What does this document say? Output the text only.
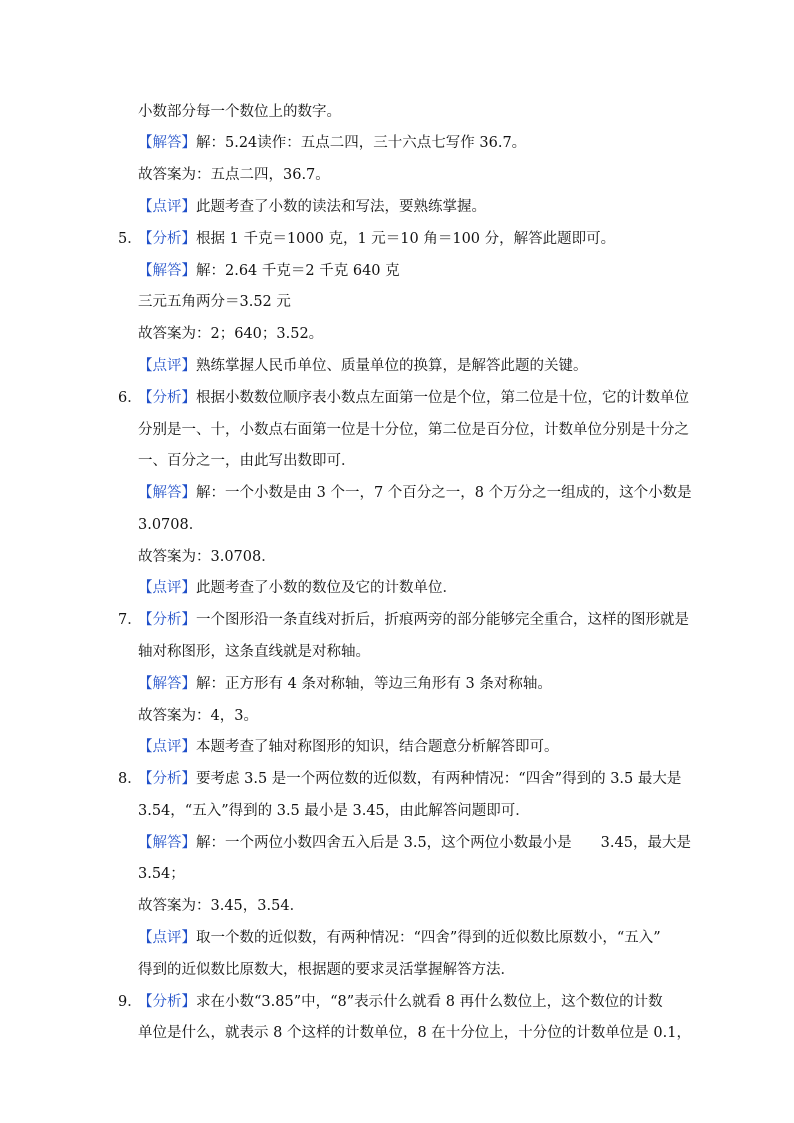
小数部分每一个数位上的数字。
【解答】解：5.24读作：五点二四，三十六点七写作 36.7。
故答案为：五点二四，36.7。
【点评】此题考查了小数的读法和写法，要熟练掌握。
5．
【分析】根据 1 千克＝1000 克，1 元＝10 角＝100 分，解答此题即可。
【解答】解：2.64 千克＝2 千克 640 克
三元五角两分＝3.52 元
故答案为：2；640；3.52。
【点评】熟练掌握人民币单位、质量单位的换算，是解答此题的关键。
6．
【分析】根据小数数位顺序表小数点左面第一位是个位，第二位是十位，它的计数单位
分别是一、十，小数点右面第一位是十分位，第二位是百分位，计数单位分别是十分之
一、百分之一，由此写出数即可．
【解答】解：一个小数是由 3 个一，7 个百分之一，8 个万分之一组成的，这个小数是
3.0708．
故答案为：3.0708．
【点评】此题考查了小数的数位及它的计数单位．
7．
【分析】一个图形沿一条直线对折后，折痕两旁的部分能够完全重合，这样的图形就是
轴对称图形，这条直线就是对称轴。
【解答】解：正方形有 4 条对称轴，等边三角形有 3 条对称轴。
故答案为：4，3。
【点评】本题考查了轴对称图形的知识，结合题意分析解答即可。
8．
【分析】要考虑 3.5 是一个两位数的近似数，有两种情况：“四舍”得到的 3.5 最大是
3.54，“五入”得到的 3.5 最小是 3.45，由此解答问题即可．
【解答】解：一个两位小数四舍五入后是 3.5，这个两位小数最小是　　3.45，最大是
3.54；
故答案为：3.45，3.54．
【点评】取一个数的近似数，有两种情况：“四舍”得到的近似数比原数小，“五入”
得到的近似数比原数大，根据题的要求灵活掌握解答方法．
9．
【分析】求在小数“3.85”中，“8”表示什么就看 8 再什么数位上，这个数位的计数
单位是什么，就表示 8 个这样的计数单位，8 在十分位上，十分位的计数单位是 0.1，
